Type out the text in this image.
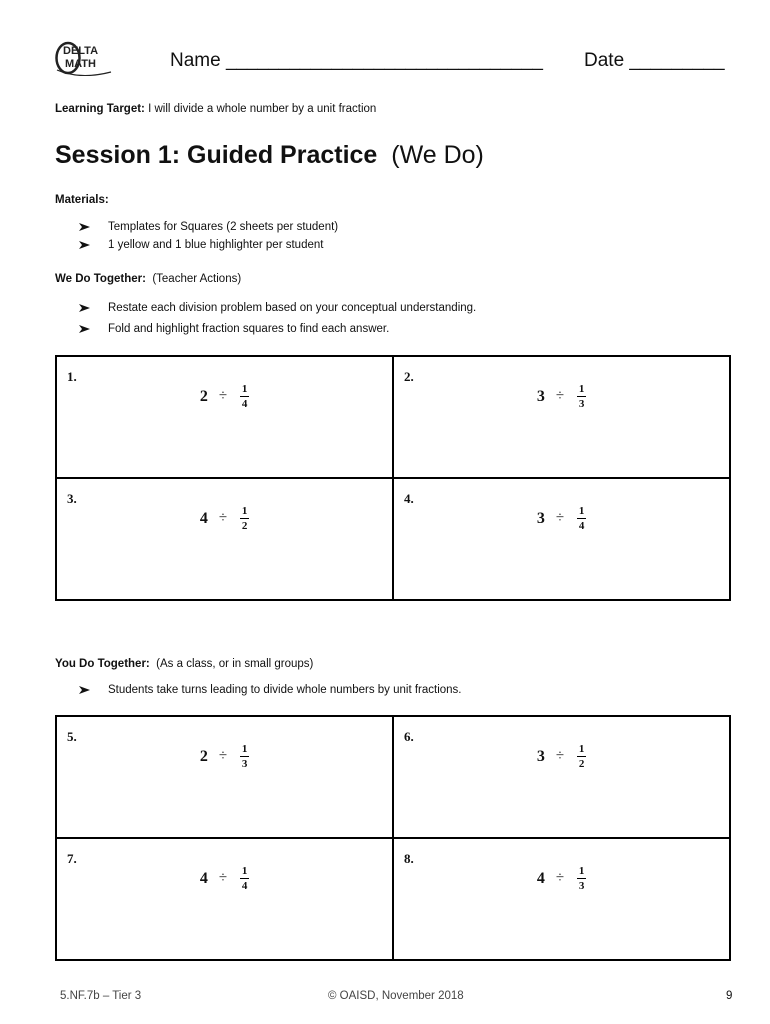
DELTA
MATH	Name ______________________________ Date _________
Learning Target: I will divide a whole number by a unit fraction
Session 1: Guided Practice (We Do)
Materials:
Templates for Squares (2 sheets per student)
1 yellow and 1 blue highlighter per student
We Do Together: (Teacher Actions)
Restate each division problem based on your conceptual understanding.
Fold and highlight fraction squares to find each answer.
1.
$2 \div \frac{1}{4}$	2.
$3 \div \frac{1}{3}$

3.
$4 \div \frac{1}{2}$	4.
$3 \div \frac{1}{4}$
You Do Together: (As a class, or in small groups)
Students take turns leading to divide whole numbers by unit fractions.
5.
$2 \div \frac{1}{3}$	6.
$3 \div \frac{1}{2}$

7.
$4 \div \frac{1}{4}$	8.
$4 \div \frac{1}{3}$
5.NF.7b – Tier 3	© OAISD, November 2018	9
